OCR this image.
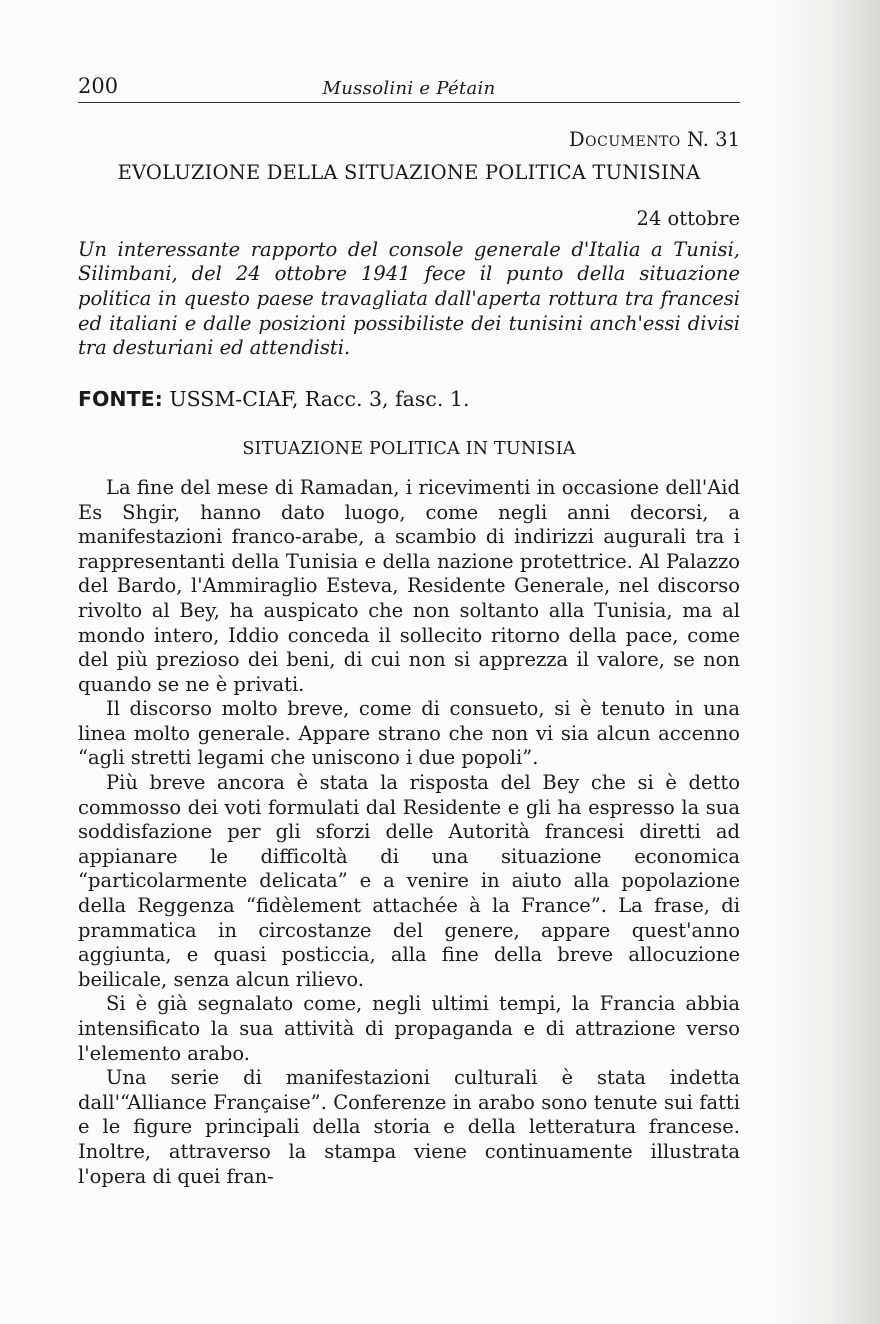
200	Mussolini e Pétain

Documento N. 31

EVOLUZIONE DELLA SITUAZIONE POLITICA TUNISINA

24 ottobre

Un interessante rapporto del console generale d'Italia a Tunisi, Silimbani, del 24 ottobre 1941 fece il punto della situazione politica in questo paese travagliata dall'aperta rottura tra francesi ed italiani e dalle posizioni possibiliste dei tunisini anch'essi divisi tra desturiani ed attendisti.

FONTE: USSM-CIAF, Racc. 3, fasc. 1.

SITUAZIONE POLITICA IN TUNISIA

La fine del mese di Ramadan, i ricevimenti in occasione dell'Aid Es Shgir, hanno dato luogo, come negli anni decorsi, a manifestazioni franco-arabe, a scambio di indirizzi augurali tra i rappresentanti della Tunisia e della nazione protettrice. Al Palazzo del Bardo, l'Ammiraglio Esteva, Residente Generale, nel discorso rivolto al Bey, ha auspicato che non soltanto alla Tunisia, ma al mondo intero, Iddio conceda il sollecito ritorno della pace, come del più prezioso dei beni, di cui non si apprezza il valore, se non quando se ne è privati.

Il discorso molto breve, come di consueto, si è tenuto in una linea molto generale. Appare strano che non vi sia alcun accenno “agli stretti legami che uniscono i due popoli”.

Più breve ancora è stata la risposta del Bey che si è detto commosso dei voti formulati dal Residente e gli ha espresso la sua soddisfazione per gli sforzi delle Autorità francesi diretti ad appianare le difficoltà di una situazione economica “particolarmente delicata” e a venire in aiuto alla popolazione della Reggenza “fidèlement attachée à la France”. La frase, di prammatica in circostanze del genere, appare quest'anno aggiunta, e quasi posticcia, alla fine della breve allocuzione beilicale, senza alcun rilievo.

Si è già segnalato come, negli ultimi tempi, la Francia abbia intensificato la sua attività di propaganda e di attrazione verso l'elemento arabo.

Una serie di manifestazioni culturali è stata indetta dall'“Alliance Française”. Conferenze in arabo sono tenute sui fatti e le figure principali della storia e della letteratura francese. Inoltre, attraverso la stampa viene continuamente illustrata l'opera di quei fran-
